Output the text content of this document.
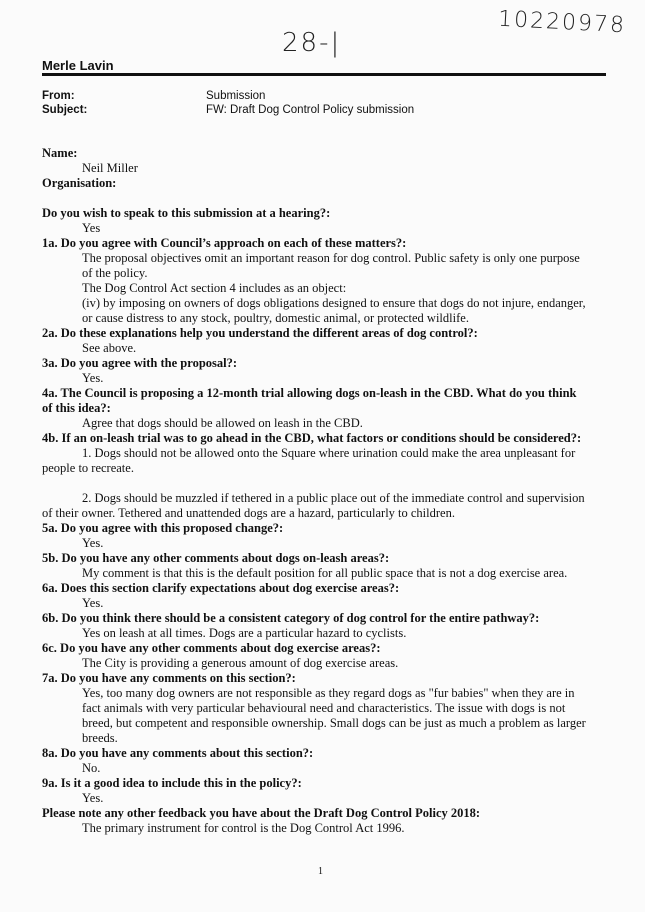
28-|
10220978
Merle Lavin
From:	Submission
Subject:	FW: Draft Dog Control Policy submission

Name:

Neil Miller

Organisation:

Do you wish to speak to this submission at a hearing?:

Yes

1a. Do you agree with Council’s approach on each of these matters?:

The proposal objectives omit an important reason for dog control. Public safety is only one purpose

of the policy.

The Dog Control Act section 4 includes as an object:

(iv) by imposing on owners of dogs obligations designed to ensure that dogs do not injure, endanger,

or cause distress to any stock, poultry, domestic animal, or protected wildlife.

2a. Do these explanations help you understand the different areas of dog control?:

See above.

3a. Do you agree with the proposal?:

Yes.

4a. The Council is proposing a 12-month trial allowing dogs on-leash in the CBD. What do you think

of this idea?:

Agree that dogs should be allowed on leash in the CBD.

4b. If an on-leash trial was to go ahead in the CBD, what factors or conditions should be considered?:

1. Dogs should not be allowed onto the Square where urination could make the area unpleasant for

people to recreate.

2. Dogs should be muzzled if tethered in a public place out of the immediate control and supervision

of their owner. Tethered and unattended dogs are a hazard, particularly to children.

5a. Do you agree with this proposed change?:

Yes.

5b. Do you have any other comments about dogs on-leash areas?:

My comment is that this is the default position for all public space that is not a dog exercise area.

6a. Does this section clarify expectations about dog exercise areas?:

Yes.

6b. Do you think there should be a consistent category of dog control for the entire pathway?:

Yes on leash at all times. Dogs are a particular hazard to cyclists.

6c. Do you have any other comments about dog exercise areas?:

The City is providing a generous amount of dog exercise areas.

7a. Do you have any comments on this section?:

Yes, too many dog owners are not responsible as they regard dogs as "fur babies" when they are in

fact animals with very particular behavioural need and characteristics. The issue with dogs is not

breed, but competent and responsible ownership. Small dogs can be just as much a problem as larger

breeds.

8a. Do you have any comments about this section?:

No.

9a. Is it a good idea to include this in the policy?:

Yes.

Please note any other feedback you have about the Draft Dog Control Policy 2018:

The primary instrument for control is the Dog Control Act 1996.

1
